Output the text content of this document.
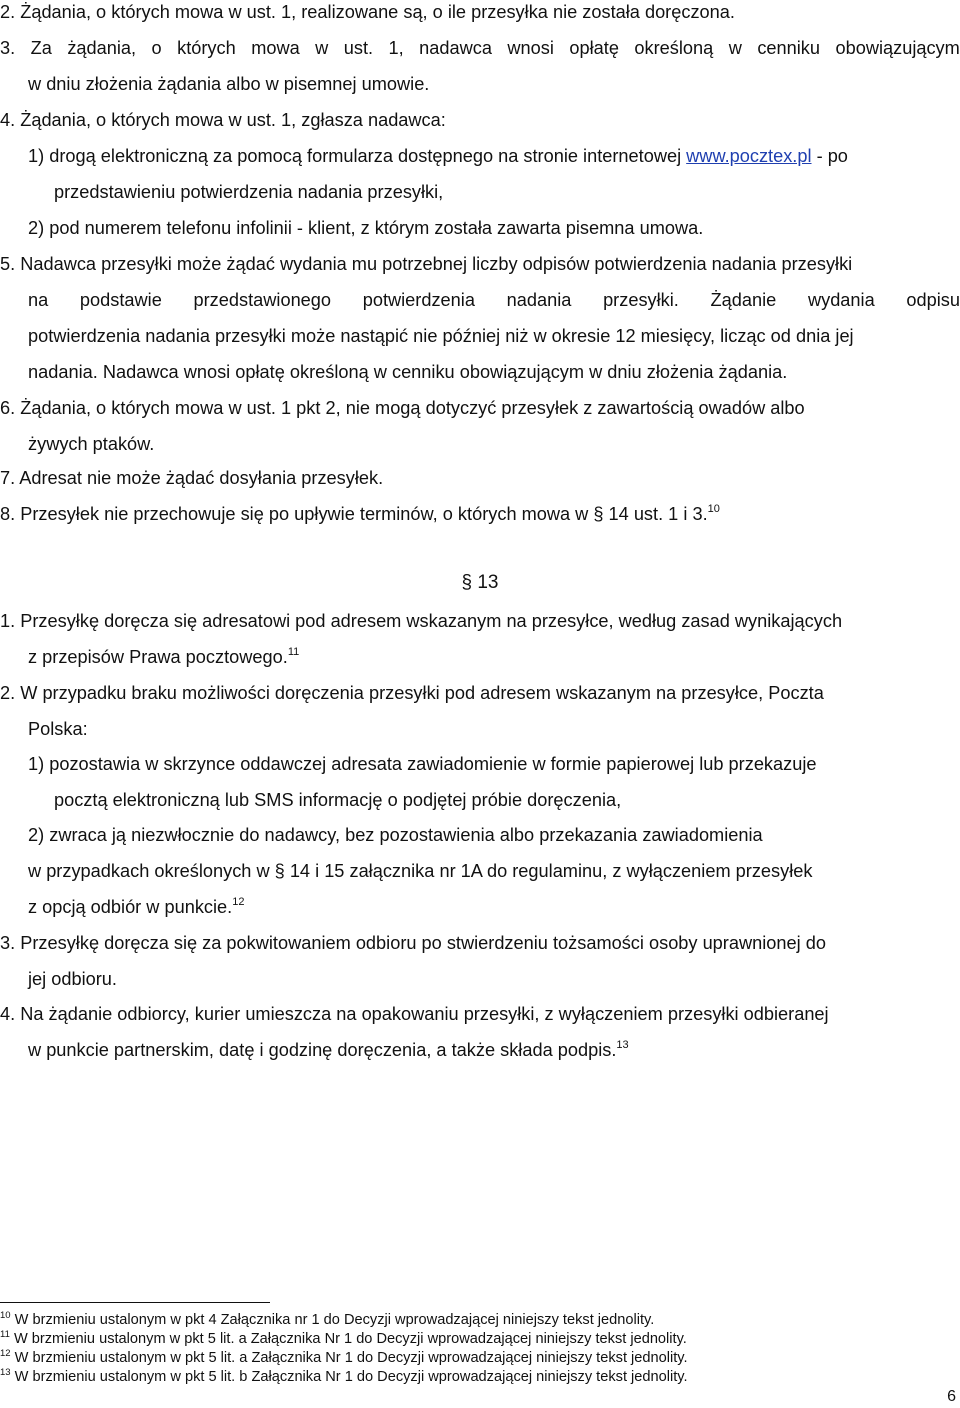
2. Żądania, o których mowa w ust. 1, realizowane są, o ile przesyłka nie została doręczona.
3. Za żądania, o których mowa w ust. 1, nadawca wnosi opłatę określoną w cenniku obowiązującym
w dniu złożenia żądania albo w pisemnej umowie.
4. Żądania, o których mowa w ust. 1, zgłasza nadawca:
1) drogą elektroniczną za pomocą formularza dostępnego na stronie internetowej www.pocztex.pl - po
przedstawieniu potwierdzenia nadania przesyłki,
2) pod numerem telefonu infolinii - klient, z którym została zawarta pisemna umowa.
5. Nadawca przesyłki może żądać wydania mu potrzebnej liczby odpisów potwierdzenia nadania przesyłki
na podstawie przedstawionego potwierdzenia nadania przesyłki. Żądanie wydania odpisu
potwierdzenia nadania przesyłki może nastąpić nie później niż w okresie 12 miesięcy, licząc od dnia jej
nadania. Nadawca wnosi opłatę określoną w cenniku obowiązującym w dniu złożenia żądania.
6. Żądania, o których mowa w ust. 1 pkt 2, nie mogą dotyczyć przesyłek z zawartością owadów albo
żywych ptaków.
7. Adresat nie może żądać dosyłania przesyłek.
8. Przesyłek nie przechowuje się po upływie terminów, o których mowa w § 14 ust. 1 i 3.10
§ 13
1. Przesyłkę doręcza się adresatowi pod adresem wskazanym na przesyłce, według zasad wynikających
z przepisów Prawa pocztowego.$^{11}$
2. W przypadku braku możliwości doręczenia przesyłki pod adresem wskazanym na przesyłce, Poczta
Polska:
1) pozostawia w skrzynce oddawczej adresata zawiadomienie w formie papierowej lub przekazuje
pocztą elektroniczną lub SMS informację o podjętej próbie doręczenia,
2) zwraca ją niezwłocznie do nadawcy, bez pozostawienia albo przekazania zawiadomienia
w przypadkach określonych w § 14 i 15 załącznika nr 1A do regulaminu, z wyłączeniem przesyłek
z opcją odbiór w punkcie.$^{12}$
3. Przesyłkę doręcza się za pokwitowaniem odbioru po stwierdzeniu tożsamości osoby uprawnionej do
jej odbioru.
4. Na żądanie odbiorcy, kurier umieszcza na opakowaniu przesyłki, z wyłączeniem przesyłki odbieranej
w punkcie partnerskim, datę i godzinę doręczenia, a także składa podpis.$^{13}$
$^{10}$ W brzmieniu ustalonym w pkt 4 Załącznika nr 1 do Decyzji wprowadzającej niniejszy tekst jednolity.
$^{11}$ W brzmieniu ustalonym w pkt 5 lit. a Załącznika Nr 1 do Decyzji wprowadzającej niniejszy tekst jednolity.
$^{12}$ W brzmieniu ustalonym w pkt 5 lit. a Załącznika Nr 1 do Decyzji wprowadzającej niniejszy tekst jednolity.
$^{13}$ W brzmieniu ustalonym w pkt 5 lit. b Załącznika Nr 1 do Decyzji wprowadzającej niniejszy tekst jednolity.
6
